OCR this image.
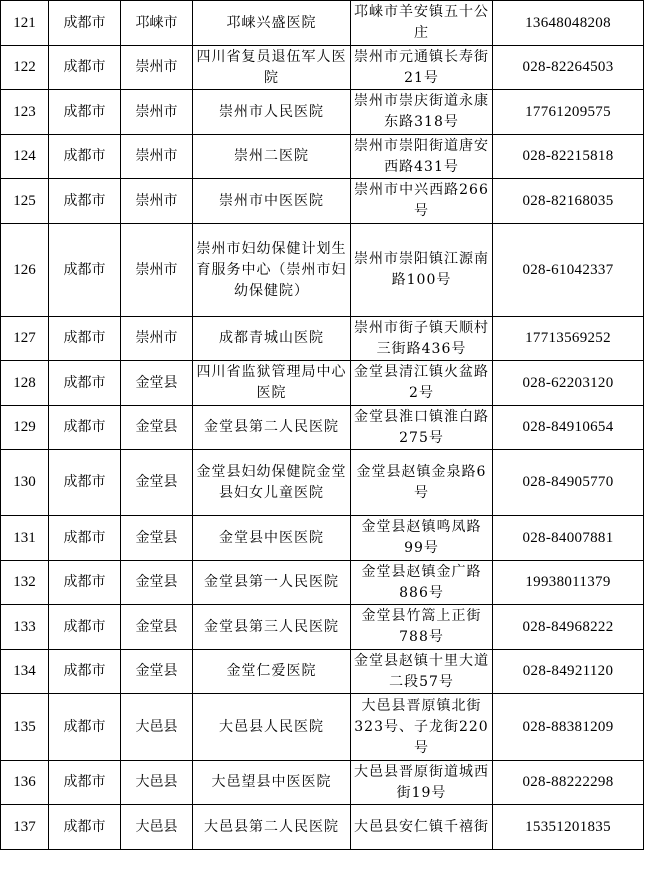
121	成都市	邛崃市	邛崃兴盛医院	邛崃市羊安镇五十公庄	13648048208
122	成都市	崇州市	四川省复员退伍军人医院	崇州市元通镇长寿街21号	028-82264503
123	成都市	崇州市	崇州市人民医院	崇州市崇庆街道永康东路318号	17761209575
124	成都市	崇州市	崇州二医院	崇州市崇阳街道唐安西路431号	028-82215818
125	成都市	崇州市	崇州市中医医院	崇州市中兴西路266号	028-82168035
126	成都市	崇州市	崇州市妇幼保健计划生育服务中心（崇州市妇幼保健院）	崇州市崇阳镇江源南路100号	028-61042337
127	成都市	崇州市	成都青城山医院	崇州市街子镇天顺村三街路436号	17713569252
128	成都市	金堂县	四川省监狱管理局中心医院	金堂县清江镇火盆路2号	028-62203120
129	成都市	金堂县	金堂县第二人民医院	金堂县淮口镇淮白路275号	028-84910654
130	成都市	金堂县	金堂县妇幼保健院金堂县妇女儿童医院	金堂县赵镇金泉路6号	028-84905770
131	成都市	金堂县	金堂县中医医院	金堂县赵镇鸣凤路99号	028-84007881
132	成都市	金堂县	金堂县第一人民医院	金堂县赵镇金广路886号	19938011379
133	成都市	金堂县	金堂县第三人民医院	金堂县竹篙上正街788号	028-84968222
134	成都市	金堂县	金堂仁爱医院	金堂县赵镇十里大道二段57号	028-84921120
135	成都市	大邑县	大邑县人民医院	大邑县晋原镇北街323号、子龙街220号	028-88381209
136	成都市	大邑县	大邑望县中医医院	大邑县晋原街道城西街19号	028-88222298
137	成都市	大邑县	大邑县第二人民医院	大邑县安仁镇千禧街	15351201835
